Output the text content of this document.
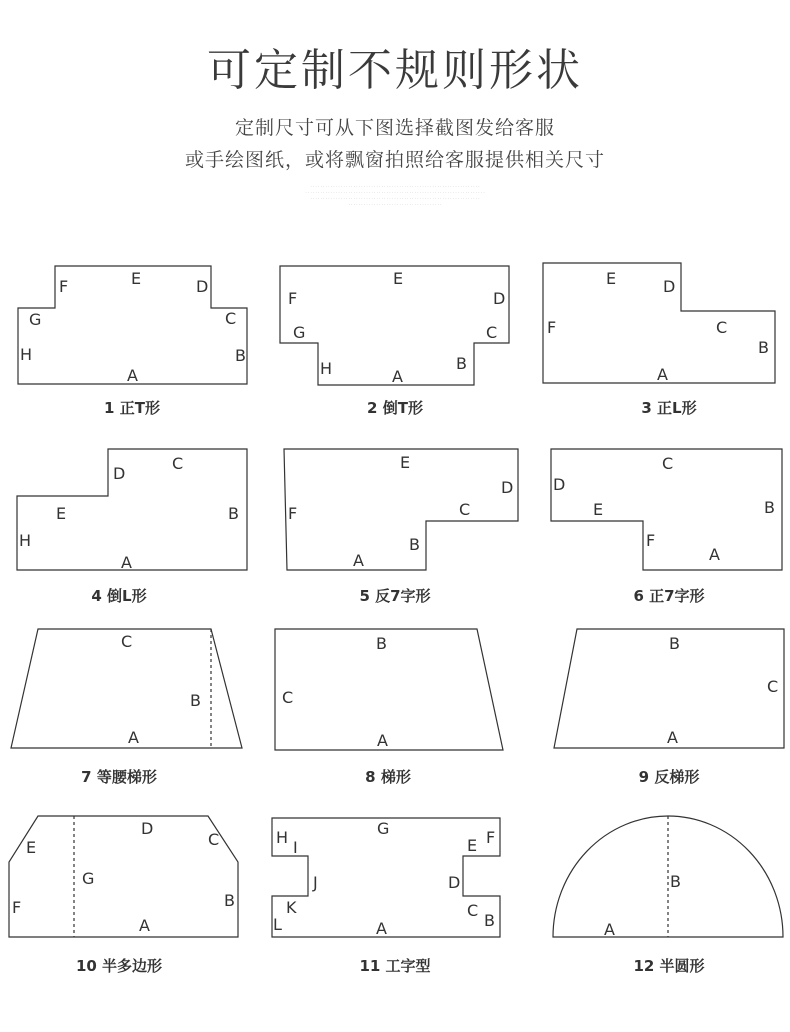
可定制不规则形状
定制尺寸可从下图选择截图发给客服
或手绘图纸，或将飘窗拍照给客服提供相关尺寸
· · · · · · · · · · · · · · · · · · · · · · · · · · · · · · · · · · · · · · · · · · · · · · · · · · · · · · · · · · · · · · · · · · ·
· · · · · · · · · · · · · · · · · · · · · · · · · · · · · · · · · · · · · · · · · · · · · · · · · · · · · · · · · · · · · · · · · · · · · · ·
· · · · · · · · · · · · · · · · · · · · · · · · · · · · · · · · · · · · · · · · · · · · · · · · · · · · · · · · · · · · · · · · · · ·
· · · · · · · · · · · · · · · · · · · · · · · · · · · · · · · · · · · · ·
A
B
C
D
E
F
G
H
A
B
C
D
E
F
G
H	A
B
C
D
E
F
A
B
C
D
E
H
A
B
C
D
E
F
A
B
C
D
E
F
A
B
C
A
B
C
A
B
C
A
B
C
D
E
F
G
A	B
C
D
E F
G
H
I
J
K
L	A
B
1 正T形	2 倒T形	3 正L形
4 倒L形	5 反7字形	6 正7字形
7 等腰梯形	8 梯形	9 反梯形
10 半多边形	11 工字型	12 半圆形
